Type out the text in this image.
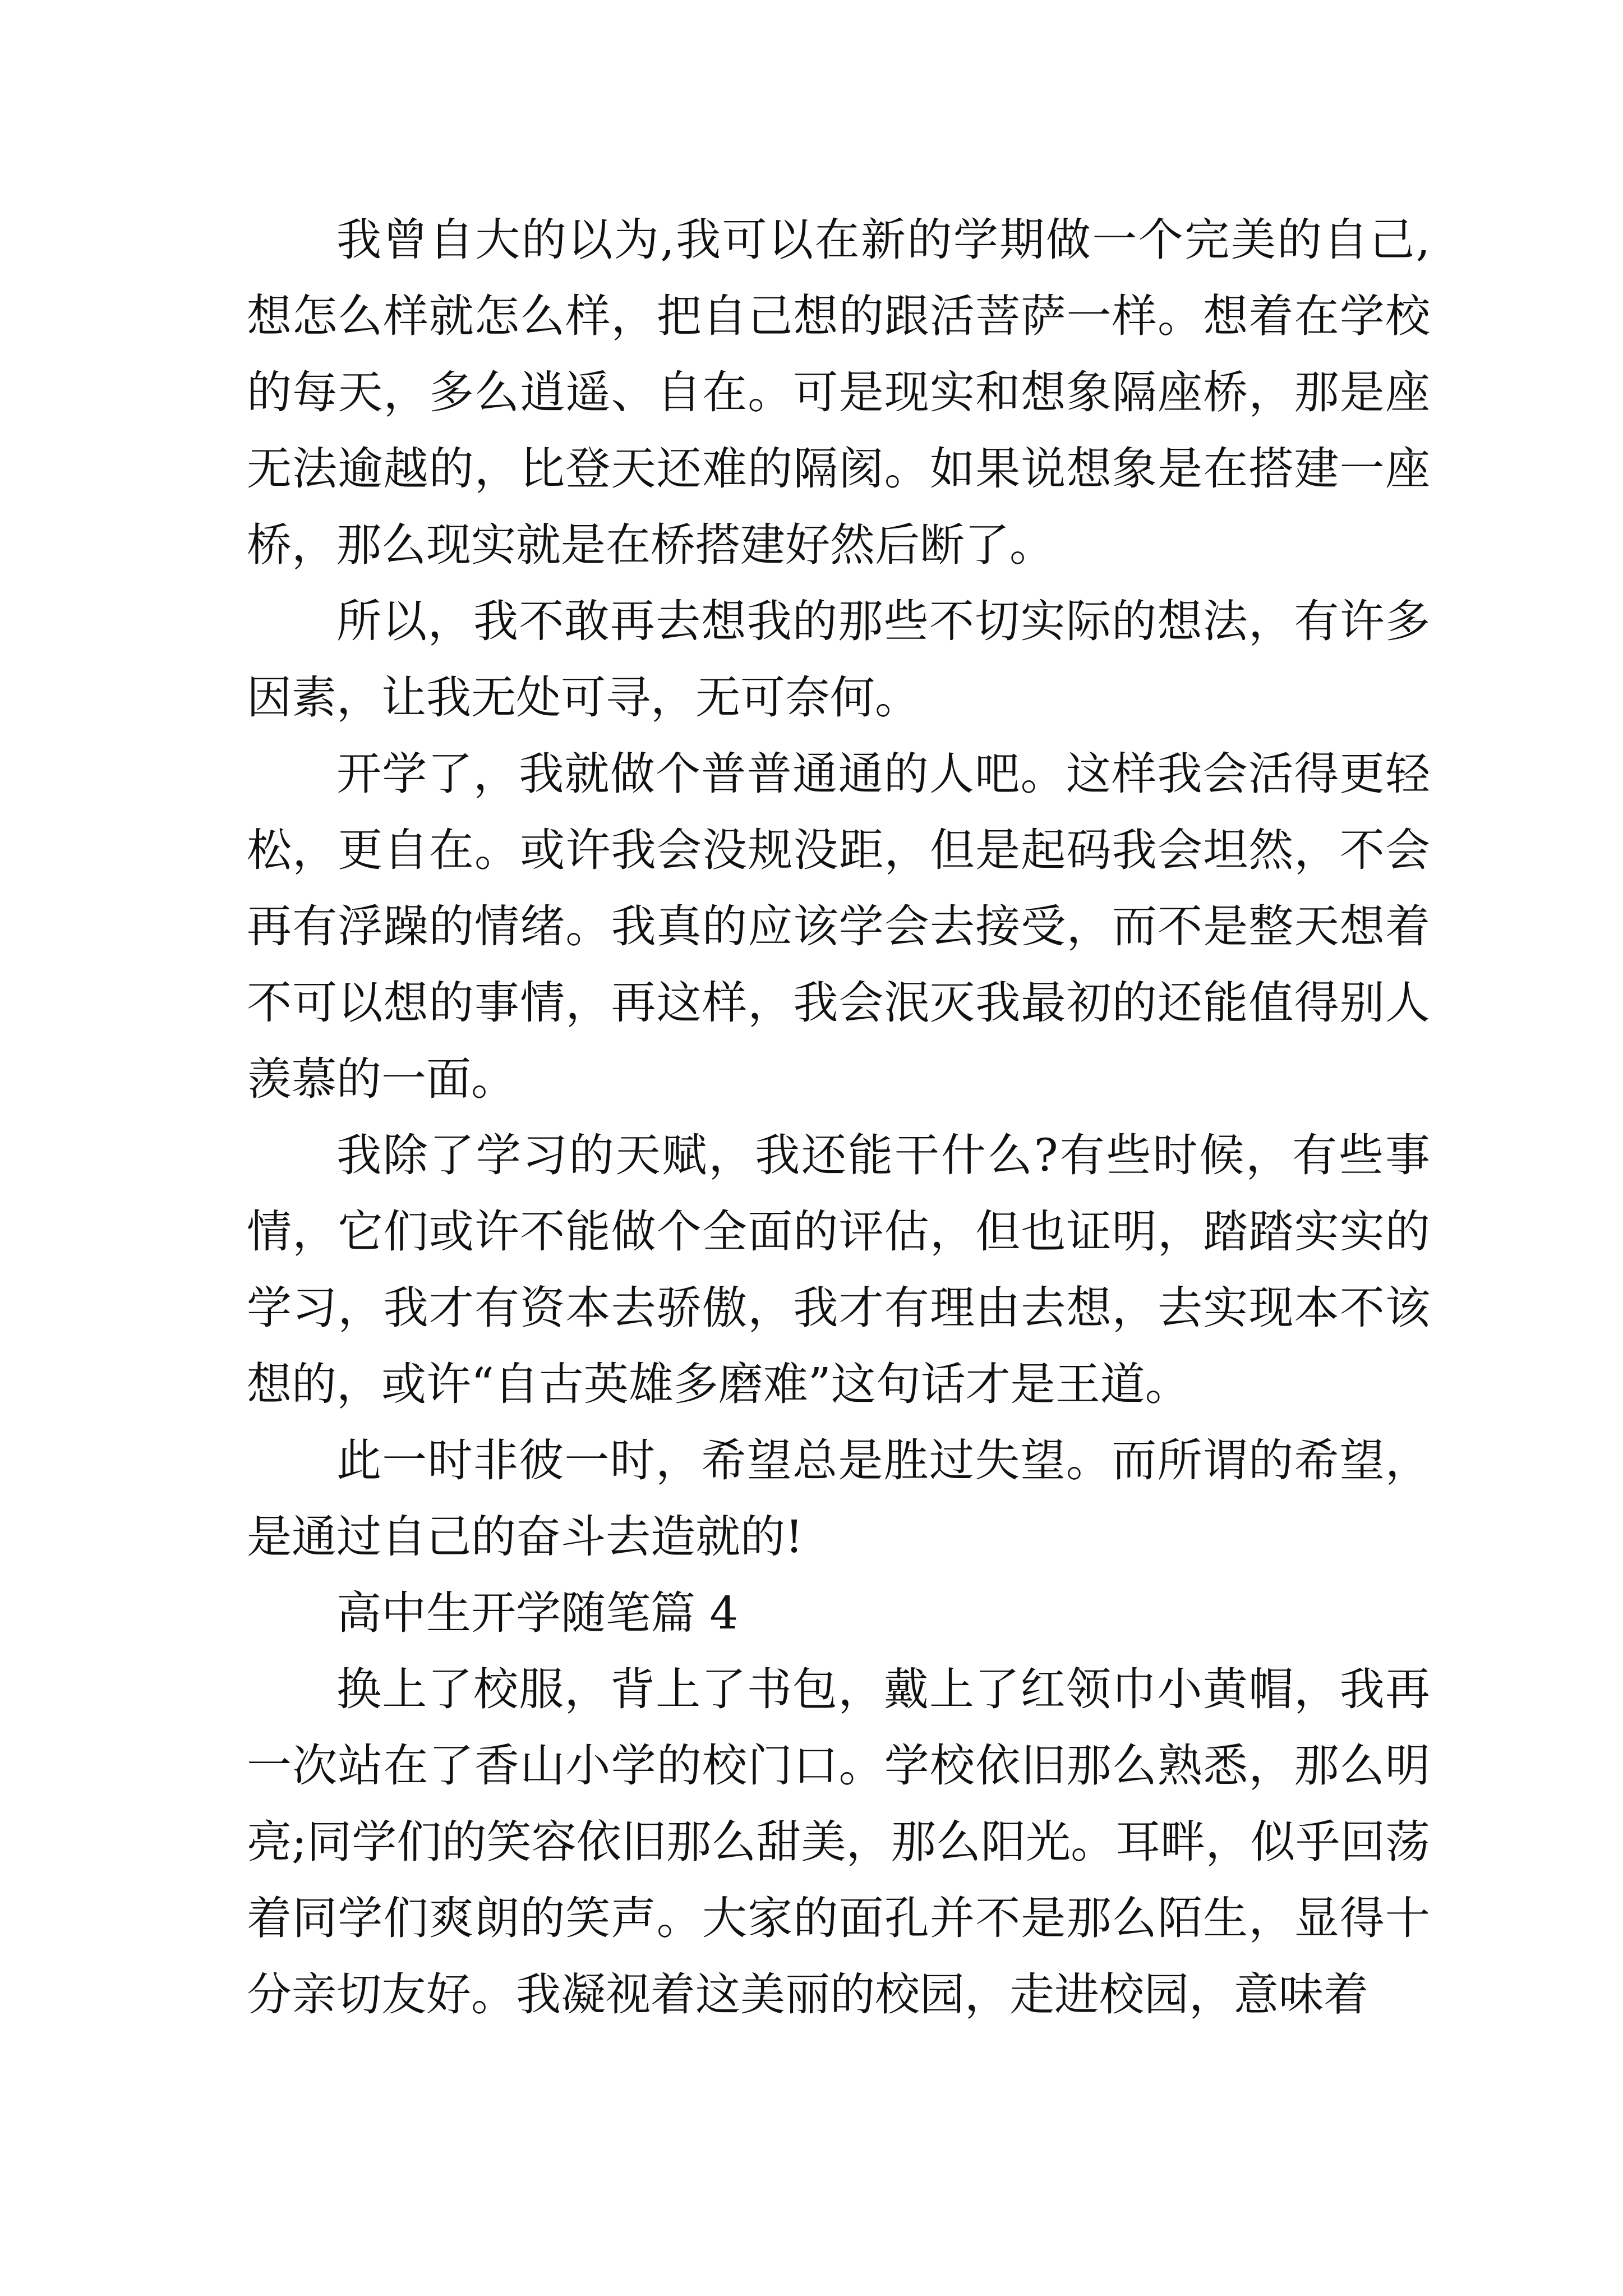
我曾自大的以为,我可以在新的学期做一个完美的自己,想怎么样就怎么样，把自己想的跟活菩萨一样。想着在学校的每天，多么逍遥、自在。可是现实和想象隔座桥，那是座无法逾越的，比登天还难的隔阂。如果说想象是在搭建一座桥，那么现实就是在桥搭建好然后断了。

所以，我不敢再去想我的那些不切实际的想法，有许多因素，让我无处可寻，无可奈何。

开学了，我就做个普普通通的人吧。这样我会活得更轻松，更自在。或许我会没规没距，但是起码我会坦然，不会再有浮躁的情绪。我真的应该学会去接受，而不是整天想着不可以想的事情，再这样，我会泯灭我最初的还能值得别人羡慕的一面。

我除了学习的天赋，我还能干什么?有些时候，有些事情，它们或许不能做个全面的评估，但也证明，踏踏实实的学习，我才有资本去骄傲，我才有理由去想，去实现本不该想的，或许“自古英雄多磨难”这句话才是王道。

此一时非彼一时，希望总是胜过失望。而所谓的希望，是通过自己的奋斗去造就的!

高中生开学随笔篇 4

换上了校服，背上了书包，戴上了红领巾小黄帽，我再一次站在了香山小学的校门口。学校依旧那么熟悉，那么明亮;同学们的笑容依旧那么甜美，那么阳光。耳畔，似乎回荡着同学们爽朗的笑声。大家的面孔并不是那么陌生，显得十分亲切友好。我凝视着这美丽的校园，走进校园，意味着
